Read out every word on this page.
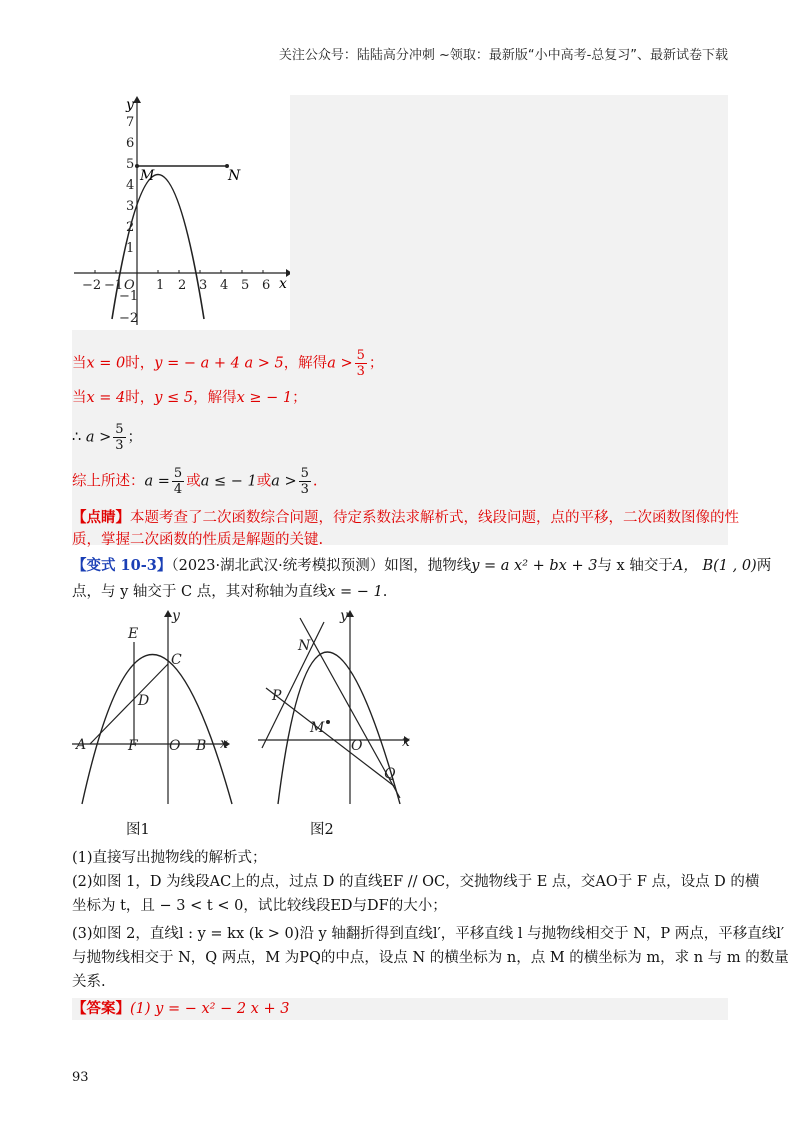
关注公众号：陆陆高分冲刺 ~领取：最新版“小中高考-总复习”、最新试卷下载
x
y
−2 −1 O 1 2 3 4 5 6
7
6
5
4
3
2
1
−1
−2
M	N
当x = 0时，y = − a + 4 a > 5，解得$a > \frac{5}{3}$ ；
当x = 4时，y ≤ 5，解得x ≥ − 1；
∴ $a > \frac{5}{3}$ ；
综上所述：$a = \frac{5}{4}$ 或a ≤ − 1或$a > \frac{5}{3}$ .
【点睛】本题考查了二次函数综合问题，待定系数法求解析式，线段问题，点的平移，二次函数图像的性
质，掌握二次函数的性质是解题的关键.
【变式 10-3】（2023·湖北武汉·统考模拟预测）如图，抛物线y = a x² + bx + 3与 x 轴交于A， B(1 , 0)两
点，与 y 轴交于 C 点，其对称轴为直线x = − 1.
E
C
D
A	F O B x
y
图1
N
P
M
O
Q
x
y
图2
(1)直接写出抛物线的解析式；
(2)如图 1，D 为线段AC上的点，过点 D 的直线EF // OC，交抛物线于 E 点，交AO于 F 点，设点 D 的横
坐标为 t，且 − 3 < t < 0，试比较线段ED与DF的大小；
(3)如图 2，直线l : y = kx (k > 0)沿 y 轴翻折得到直线l′，平移直线 l 与抛物线相交于 N，P 两点，平移直线l′
与抛物线相交于 N，Q 两点，M 为PQ的中点，设点 N 的横坐标为 n，点 M 的横坐标为 m，求 n 与 m 的数量
关系.
【答案】(1) y = − x² − 2 x + 3
93
